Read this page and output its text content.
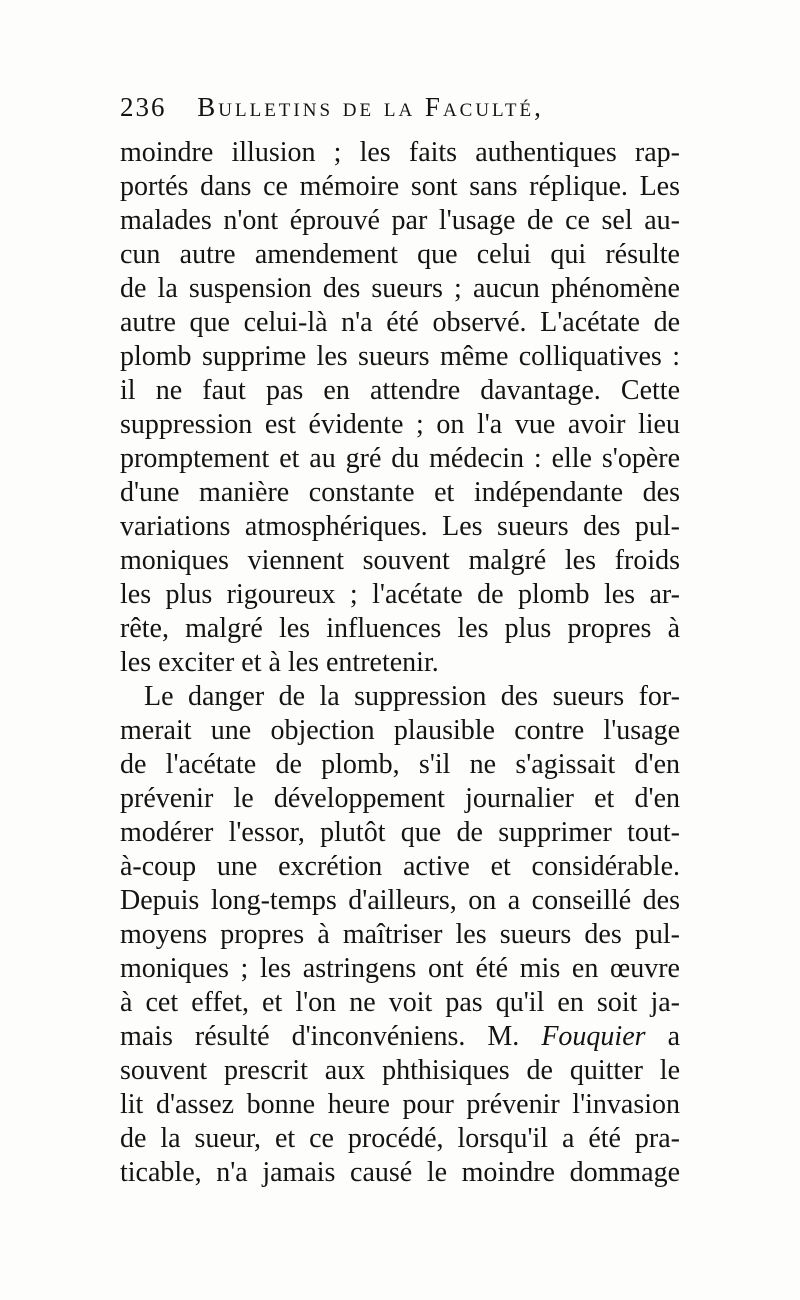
236 Bulletins de la Faculté,
moindre illusion ; les faits authentiques rap-
portés dans ce mémoire sont sans réplique. Les
malades n'ont éprouvé par l'usage de ce sel au-
cun autre amendement que celui qui résulte
de la suspension des sueurs ; aucun phénomène
autre que celui-là n'a été observé. L'acétate de
plomb supprime les sueurs même colliquatives :
il ne faut pas en attendre davantage. Cette
suppression est évidente ; on l'a vue avoir lieu
promptement et au gré du médecin : elle s'opère
d'une manière constante et indépendante des
variations atmosphériques. Les sueurs des pul-
moniques viennent souvent malgré les froids
les plus rigoureux ; l'acétate de plomb les ar-
rête, malgré les influences les plus propres à
les exciter et à les entretenir.
Le danger de la suppression des sueurs for-
merait une objection plausible contre l'usage
de l'acétate de plomb, s'il ne s'agissait d'en
prévenir le développement journalier et d'en
modérer l'essor, plutôt que de supprimer tout-
à-coup une excrétion active et considérable.
Depuis long-temps d'ailleurs, on a conseillé des
moyens propres à maîtriser les sueurs des pul-
moniques ; les astringens ont été mis en œuvre
à cet effet, et l'on ne voit pas qu'il en soit ja-
mais résulté d'inconvéniens. M. Fouquier a
souvent prescrit aux phthisiques de quitter le
lit d'assez bonne heure pour prévenir l'invasion
de la sueur, et ce procédé, lorsqu'il a été pra-
ticable, n'a jamais causé le moindre dommage
